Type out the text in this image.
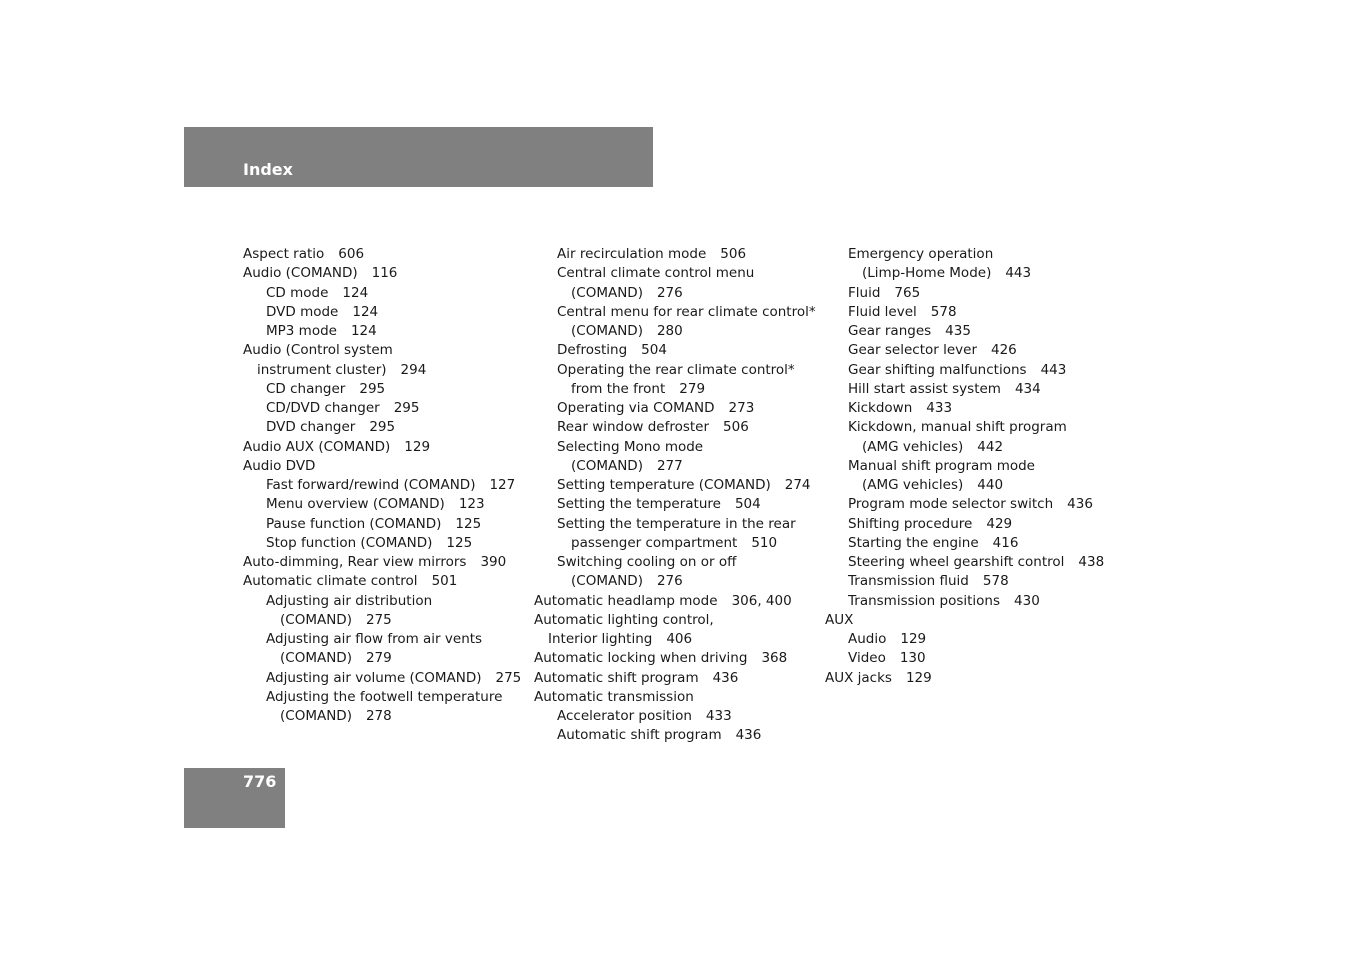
Index
Aspect ratio 606
Audio (COMAND) 116
CD mode 124
DVD mode 124
MP3 mode 124
Audio (Control system
instrument cluster) 294
CD changer 295
CD/DVD changer 295
DVD changer 295
Audio AUX (COMAND) 129
Audio DVD
Fast forward/rewind (COMAND) 127
Menu overview (COMAND) 123
Pause function (COMAND) 125
Stop function (COMAND) 125
Auto-dimming, Rear view mirrors 390
Automatic climate control 501
Adjusting air distribution
(COMAND) 275
Adjusting air flow from air vents
(COMAND) 279
Adjusting air volume (COMAND) 275
Adjusting the footwell temperature
(COMAND) 278
Air recirculation mode 506
Central climate control menu
(COMAND) 276
Central menu for rear climate control*
(COMAND) 280
Defrosting 504
Operating the rear climate control*
from the front 279
Operating via COMAND 273
Rear window defroster 506
Selecting Mono mode
(COMAND) 277
Setting temperature (COMAND) 274
Setting the temperature 504
Setting the temperature in the rear
passenger compartment 510
Switching cooling on or off
(COMAND) 276
Automatic headlamp mode 306, 400
Automatic lighting control,
Interior lighting 406
Automatic locking when driving 368
Automatic shift program 436
Automatic transmission
Accelerator position 433
Automatic shift program 436
Emergency operation
(Limp-Home Mode) 443
Fluid 765
Fluid level 578
Gear ranges 435
Gear selector lever 426
Gear shifting malfunctions 443
Hill start assist system 434
Kickdown 433
Kickdown, manual shift program
(AMG vehicles) 442
Manual shift program mode
(AMG vehicles) 440
Program mode selector switch 436
Shifting procedure 429
Starting the engine 416
Steering wheel gearshift control 438
Transmission fluid 578
Transmission positions 430
AUX
Audio 129
Video 130
AUX jacks 129
776
